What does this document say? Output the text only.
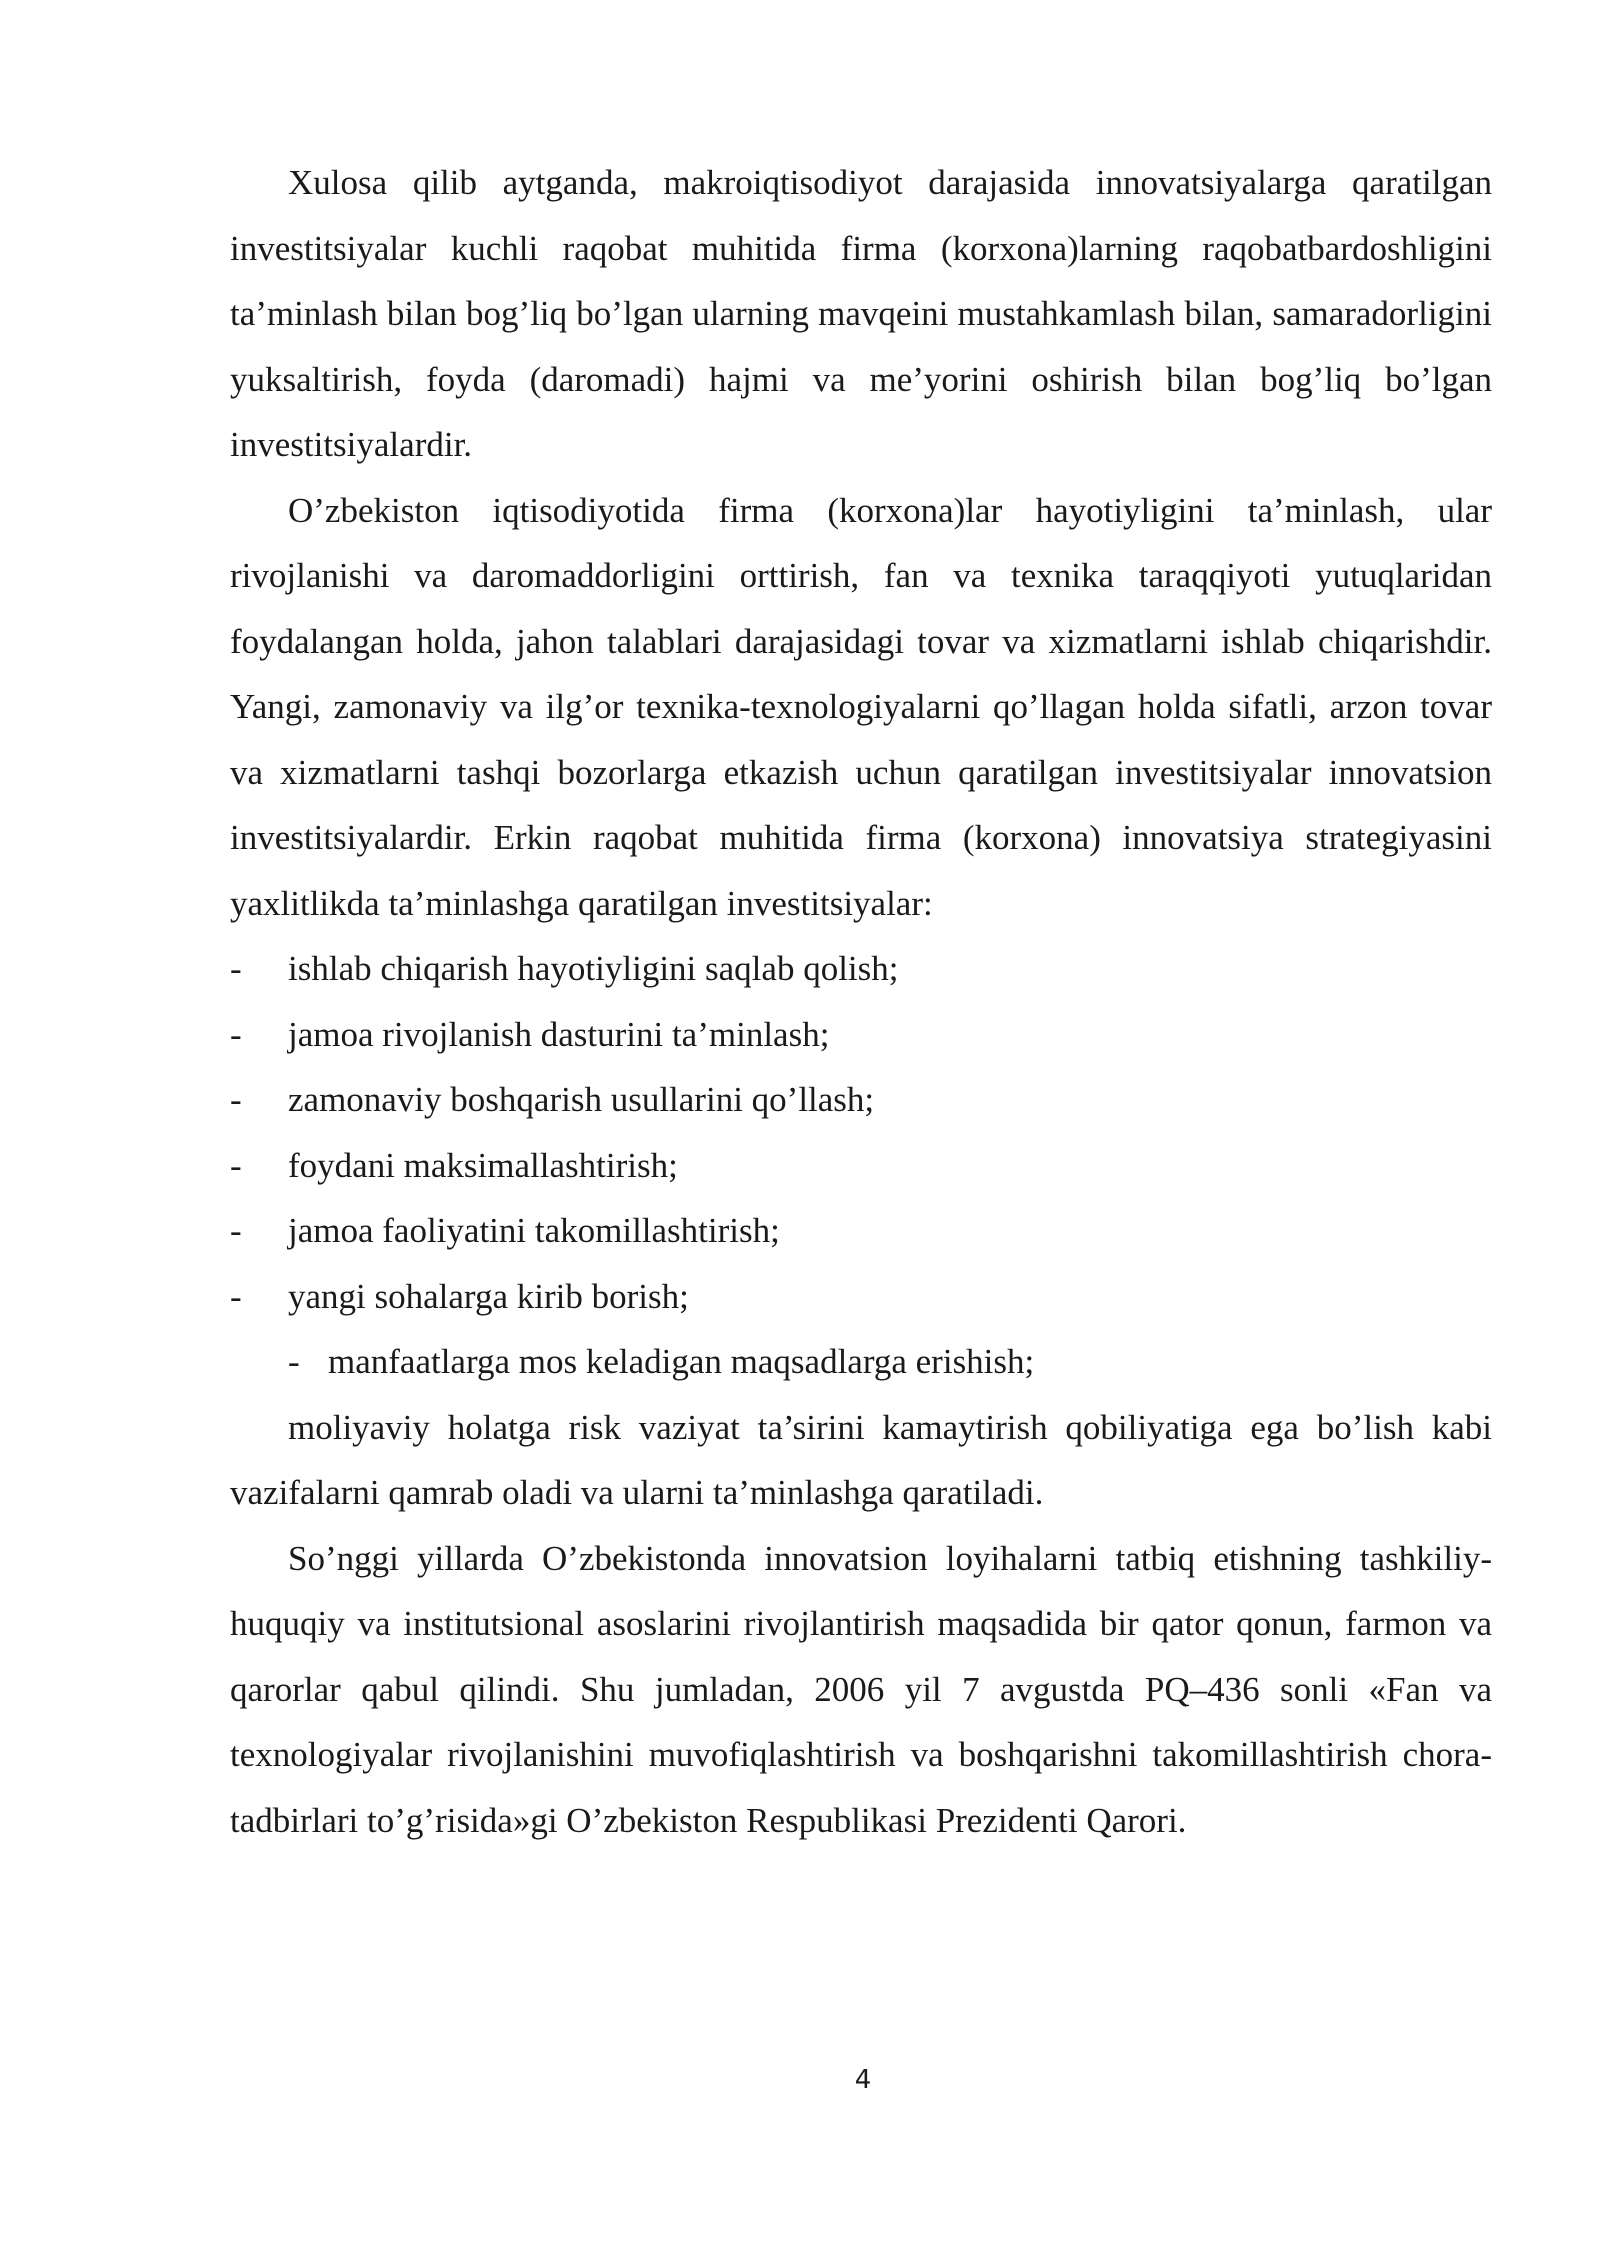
Xulosa qilib aytganda, makroiqtisodiyot darajasida innovatsiyalarga qaratilgan investitsiyalar kuchli raqobat muhitida firma (korxona)larning raqobatbardoshligini ta’minlash bilan bog’liq bo’lgan ularning mavqeini mustahkamlash bilan, samaradorligini yuksaltirish, foyda (daromadi) hajmi va me’yorini oshirish bilan bog’liq bo’lgan investitsiyalardir.

O’zbekiston iqtisodiyotida firma (korxona)lar hayotiyligini ta’minlash, ular rivojlanishi va daromaddorligini orttirish, fan va texnika taraqqiyoti yutuqlaridan foydalangan holda, jahon talablari darajasidagi tovar va xizmatlarni ishlab chiqarishdir. Yangi, zamonaviy va ilg’or texnika-texnologiyalarni qo’llagan holda sifatli, arzon tovar va xizmatlarni tashqi bozorlarga etkazish uchun qaratilgan investitsiyalar innovatsion investitsiyalardir. Erkin raqobat muhitida firma (korxona) innovatsiya strategiyasini yaxlitlikda ta’minlashga qaratilgan investitsiyalar:

- ishlab chiqarish hayotiyligini saqlab qolish;
- jamoa rivojlanish dasturini ta’minlash;
- zamonaviy boshqarish usullarini qo’llash;
- foydani maksimallashtirish;
- jamoa faoliyatini takomillashtirish;
- yangi sohalarga kirib borish;
- manfaatlarga mos keladigan maqsadlarga erishish;

moliyaviy holatga risk vaziyat ta’sirini kamaytirish qobiliyatiga ega bo’lish kabi vazifalarni qamrab oladi va ularni ta’minlashga qaratiladi.

So’nggi yillarda O’zbekistonda innovatsion loyihalarni tatbiq etishning tashkiliy-huquqiy va institutsional asoslarini rivojlantirish maqsadida bir qator qonun, farmon va qarorlar qabul qilindi. Shu jumladan, 2006 yil 7 avgustda PQ–436 sonli «Fan va texnologiyalar rivojlanishini muvofiqlashtirish va boshqarishni takomillashtirish chora-tadbirlari to’g’risida»gi O’zbekiston Respublikasi Prezidenti Qarori.

4
